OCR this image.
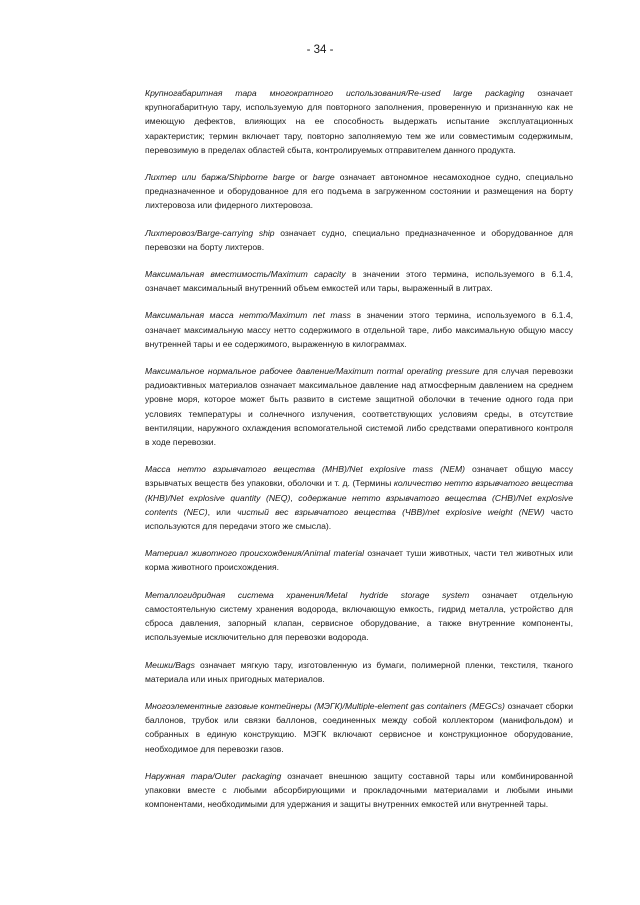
- 34 -

Крупногабаритная тара многократного использования/Re-used large packaging означает крупногабаритную тару, используемую для повторного заполнения, проверенную и признанную как не имеющую дефектов, влияющих на ее способность выдержать испытание эксплуатационных характеристик; термин включает тару, повторно заполняемую тем же или совместимым содержимым, перевозимую в пределах областей сбыта, контролируемых отправителем данного продукта.

Лихтер или баржа/Shipborne barge or barge означает автономное несамоходное судно, специально предназначенное и оборудованное для его подъема в загруженном состоянии и размещения на борту лихтеровоза или фидерного лихтеровоза.

Лихтеровоз/Barge-carrying ship означает судно, специально предназначенное и оборудованное для перевозки на борту лихтеров.

Максимальная вместимость/Maximum capacity в значении этого термина, используемого в 6.1.4, означает максимальный внутренний объем емкостей или тары, выраженный в литрах.

Максимальная масса нетто/Maximum net mass в значении этого термина, используемого в 6.1.4, означает максимальную массу нетто содержимого в отдельной таре, либо максимальную общую массу внутренней тары и ее содержимого, выраженную в килограммах.

Максимальное нормальное рабочее давление/Maximum normal operating pressure для случая перевозки радиоактивных материалов означает максимальное давление над атмосферным давлением на среднем уровне моря, которое может быть развито в системе защитной оболочки в течение одного года при условиях температуры и солнечного излучения, соответствующих условиям среды, в отсутствие вентиляции, наружного охлаждения вспомогательной системой либо средствами оперативного контроля в ходе перевозки.

Масса нетто взрывчатого вещества (МНВ)/Net explosive mass (NEM) означает общую массу взрывчатых веществ без упаковки, оболочки и т. д. (Термины количество нетто взрывчатого вещества (КНВ)/Net explosive quantity (NEQ), содержание нетто взрывчатого вещества (СНВ)/Net explosive contents (NEC), или чистый вес взрывчатого вещества (ЧВВ)/net explosive weight (NEW) часто используются для передачи этого же смысла).

Материал животного происхождения/Animal material означает туши животных, части тел животных или корма животного происхождения.

Металлогидридная система хранения/Metal hydride storage system означает отдельную самостоятельную систему хранения водорода, включающую емкость, гидрид металла, устройство для сброса давления, запорный клапан, сервисное оборудование, а также внутренние компоненты, используемые исключительно для перевозки водорода.

Мешки/Bags означает мягкую тару, изготовленную из бумаги, полимерной пленки, текстиля, тканого материала или иных пригодных материалов.

Многоэлементные газовые контейнеры (МЭГК)/Multiple-element gas containers (MEGCs) означает сборки баллонов, трубок или связки баллонов, соединенных между собой коллектором (манифольдом) и собранных в единую конструкцию. МЭГК включают сервисное и конструкционное оборудование, необходимое для перевозки газов.

Наружная тара/Outer packaging означает внешнюю защиту составной тары или комбинированной упаковки вместе с любыми абсорбирующими и прокладочными материалами и любыми иными компонентами, необходимыми для удержания и защиты внутренних емкостей или внутренней тары.
